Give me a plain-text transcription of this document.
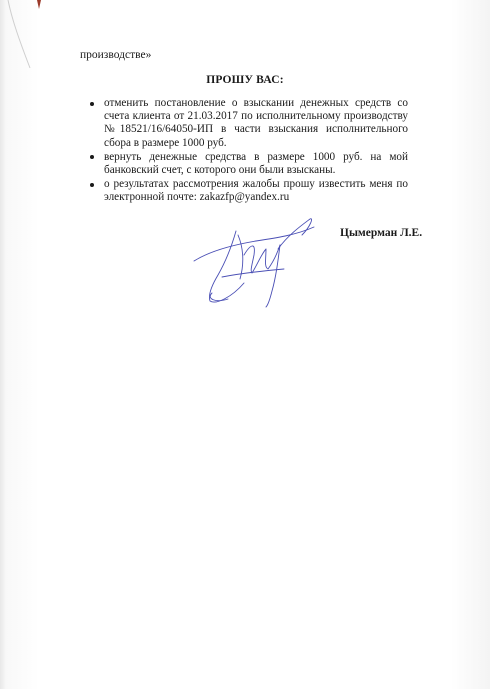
производстве»
ПРОШУ ВАС:
отменить постановление о взыскании денежных средств со счета клиента от 21.03.2017 по исполнительному производству №18521/16/64050-ИП в части взыскания исполнительного сбора в размере 1000 руб.
вернуть денежные средства в размере 1000 руб. на мой банковский счет, с которого они были взысканы.
о результатах рассмотрения жалобы прошу известить меня по электронной почте: zakazfp@yandex.ru
Цымерман Л.Е.
